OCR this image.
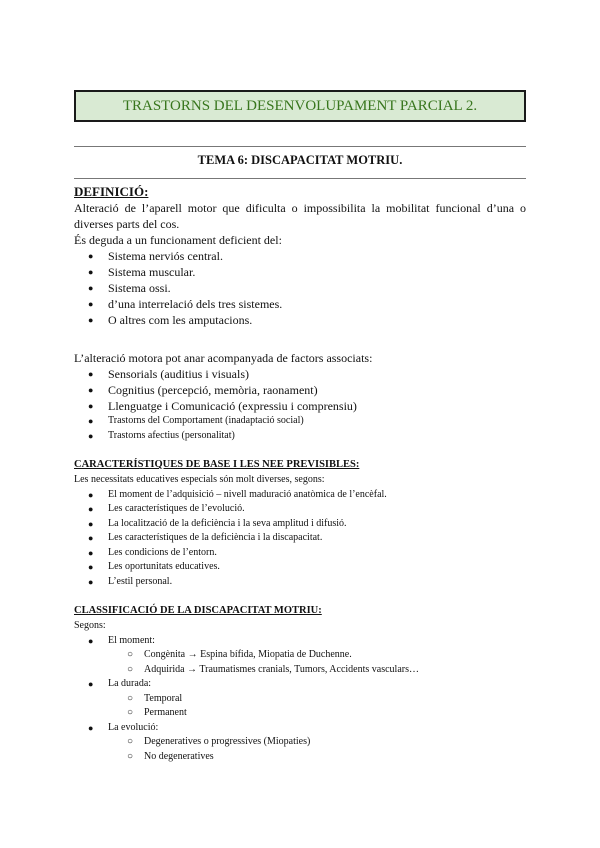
TRASTORNS DEL DESENVOLUPAMENT PARCIAL 2.
TEMA 6: DISCAPACITAT MOTRIU.

DEFINICIÓ:

Alteració de l’aparell motor que dificulta o impossibilita la mobilitat funcional d’una o diverses parts del cos.

És deguda a un funcionament deficient del:

● Sistema nerviós central.
● Sistema muscular.
● Sistema ossi.
● d’una interrelació dels tres sistemes.
● O altres com les amputacions.

L’alteració motora pot anar acompanyada de factors associats:

● Sensorials (auditius i visuals)
● Cognitius (percepció, memòria, raonament)
● Llenguatge i Comunicació (expressiu i comprensiu)
● Trastorns del Comportament (inadaptació social)
● Trastorns afectius (personalitat)

CARACTERÍSTIQUES DE BASE I LES NEE PREVISIBLES:

Les necessitats educatives especials són molt diverses, segons:

● El moment de l’adquisició – nivell maduració anatòmica de l’encèfal.
● Les característiques de l’evolució.
● La localització de la deficiència i la seva amplitud i difusió.
● Les característiques de la deficiència i la discapacitat.
● Les condicions de l’entorn.
● Les oportunitats educatives.
● L’estil personal.

CLASSIFICACIÓ DE LA DISCAPACITAT MOTRIU:

Segons:

● El moment:
○ Congènita → Espina bífida, Miopatia de Duchenne.
○ Adquirida → Traumatismes cranials, Tumors, Accidents vasculars…
● La durada:
○ Temporal
○ Permanent
● La evolució:
○ Degeneratives o progressives (Miopaties)
○ No degeneratives
